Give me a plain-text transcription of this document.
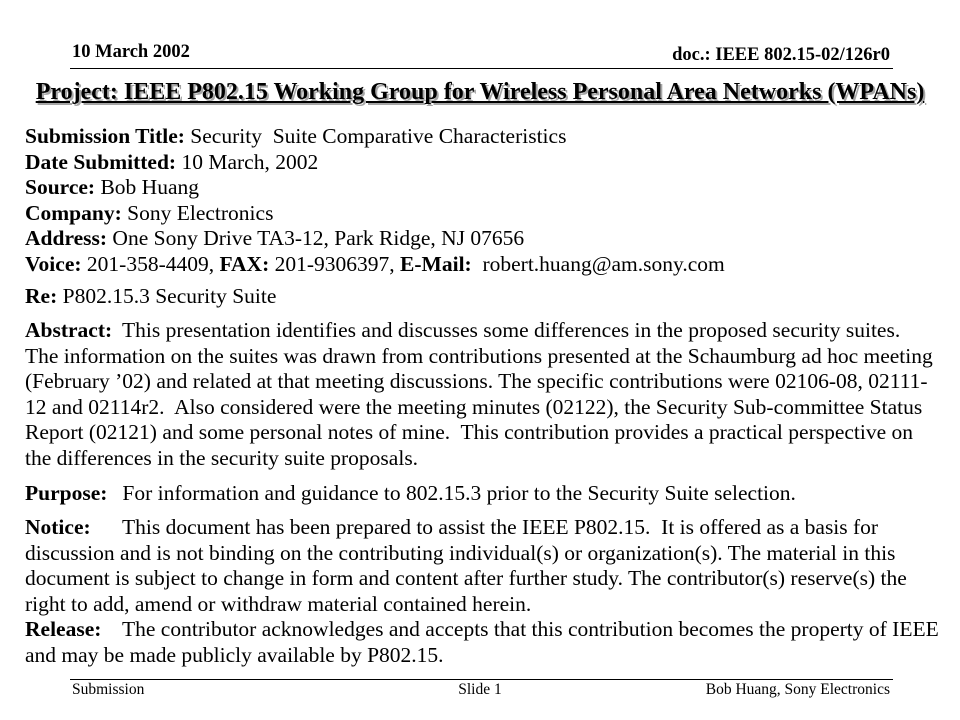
10 March 2002	doc.: IEEE 802.15-02/126r0
Project: IEEE P802.15 Working Group for Wireless Personal Area Networks (WPANs)
Submission Title: Security  Suite Comparative Characteristics
Date Submitted: 10 March, 2002
Source: Bob Huang
Company: Sony Electronics
Address: One Sony Drive TA3-12, Park Ridge, NJ 07656
Voice: 201-358-4409, FAX: 201-9306397, E-Mail: robert.huang@am.sony.com
Re: P802.15.3 Security Suite
Abstract: This presentation identifies and discusses some differences in the proposed security suites.
The information on the suites was drawn from contributions presented at the Schaumburg ad hoc meeting
(February ’02) and related at that meeting discussions. The specific contributions were 02106-08, 02111-
12 and 02114r2.  Also considered were the meeting minutes (02122), the Security Sub-committee Status
Report (02121) and some personal notes of mine.  This contribution provides a practical perspective on
the differences in the security suite proposals.
Purpose: For information and guidance to 802.15.3 prior to the Security Suite selection.
Notice: This document has been prepared to assist the IEEE P802.15.  It is offered as a basis for
discussion and is not binding on the contributing individual(s) or organization(s). The material in this
document is subject to change in form and content after further study. The contributor(s) reserve(s) the
right to add, amend or withdraw material contained herein.
Release: The contributor acknowledges and accepts that this contribution becomes the property of IEEE
and may be made publicly available by P802.15.
Submission	Slide 1	Bob Huang, Sony Electronics
